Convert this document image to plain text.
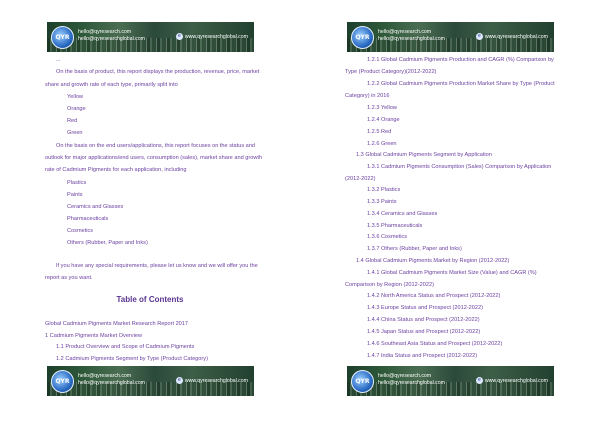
QYR
hello@qyresearch.com
hello@qyresearchglobal.com	e www.qyresearchglobal.com
...
On the basis of product, this report displays the production, revenue, price, market
share and growth rate of each type, primarily split into
Yellow
Orange
Red
Green
On the basis on the end users/applications, this report focuses on the status and
outlook for major applications/end users, consumption (sales), market share and growth
rate of Cadmium Pigments for each application, including
Plastics
Paints
Ceramics and Glasses
Pharmaceuticals
Cosmetics
Others (Rubber, Paper and Inks)
If you have any special requirements, please let us know and we will offer you the
report as you want.
Table of Contents
Global Cadmium Pigments Market Research Report 2017
1 Cadmium Pigments Market Overview
1.1 Product Overview and Scope of Cadmium Pigments
1.2 Cadmium Pigments Segment by Type (Product Category)
QYR
hello@qyresearch.com
hello@qyresearchglobal.com	e www.qyresearchglobal.com
QYR
hello@qyresearch.com
hello@qyresearchglobal.com	e www.qyresearchglobal.com
1.2.1 Global Cadmium Pigments Production and CAGR (%) Comparison by
Type (Product Category)(2012-2022)
1.2.2 Global Cadmium Pigments Production Market Share by Type (Product
Category) in 2016
1.2.3 Yellow
1.2.4 Orange
1.2.5 Red
1.2.6 Green
1.3 Global Cadmium Pigments Segment by Application
1.3.1 Cadmium Pigments Consumption (Sales) Comparison by Application
(2012-2022)
1.3.2 Plastics
1.3.3 Paints
1.3.4 Ceramics and Glasses
1.3.5 Pharmaceuticals
1.3.6 Cosmetics
1.3.7 Others (Rubber, Paper and Inks)
1.4 Global Cadmium Pigments Market by Region (2012-2022)
1.4.1 Global Cadmium Pigments Market Size (Value) and CAGR (%)
Comparison by Region (2012-2022)
1.4.2 North America Status and Prospect (2012-2022)
1.4.3 Europe Status and Prospect (2012-2022)
1.4.4 China Status and Prospect (2012-2022)
1.4.5 Japan Status and Prospect (2012-2022)
1.4.6 Southeast Asia Status and Prospect (2012-2022)
1.4.7 India Status and Prospect (2012-2022)
QYR
hello@qyresearch.com
hello@qyresearchglobal.com	e www.qyresearchglobal.com
